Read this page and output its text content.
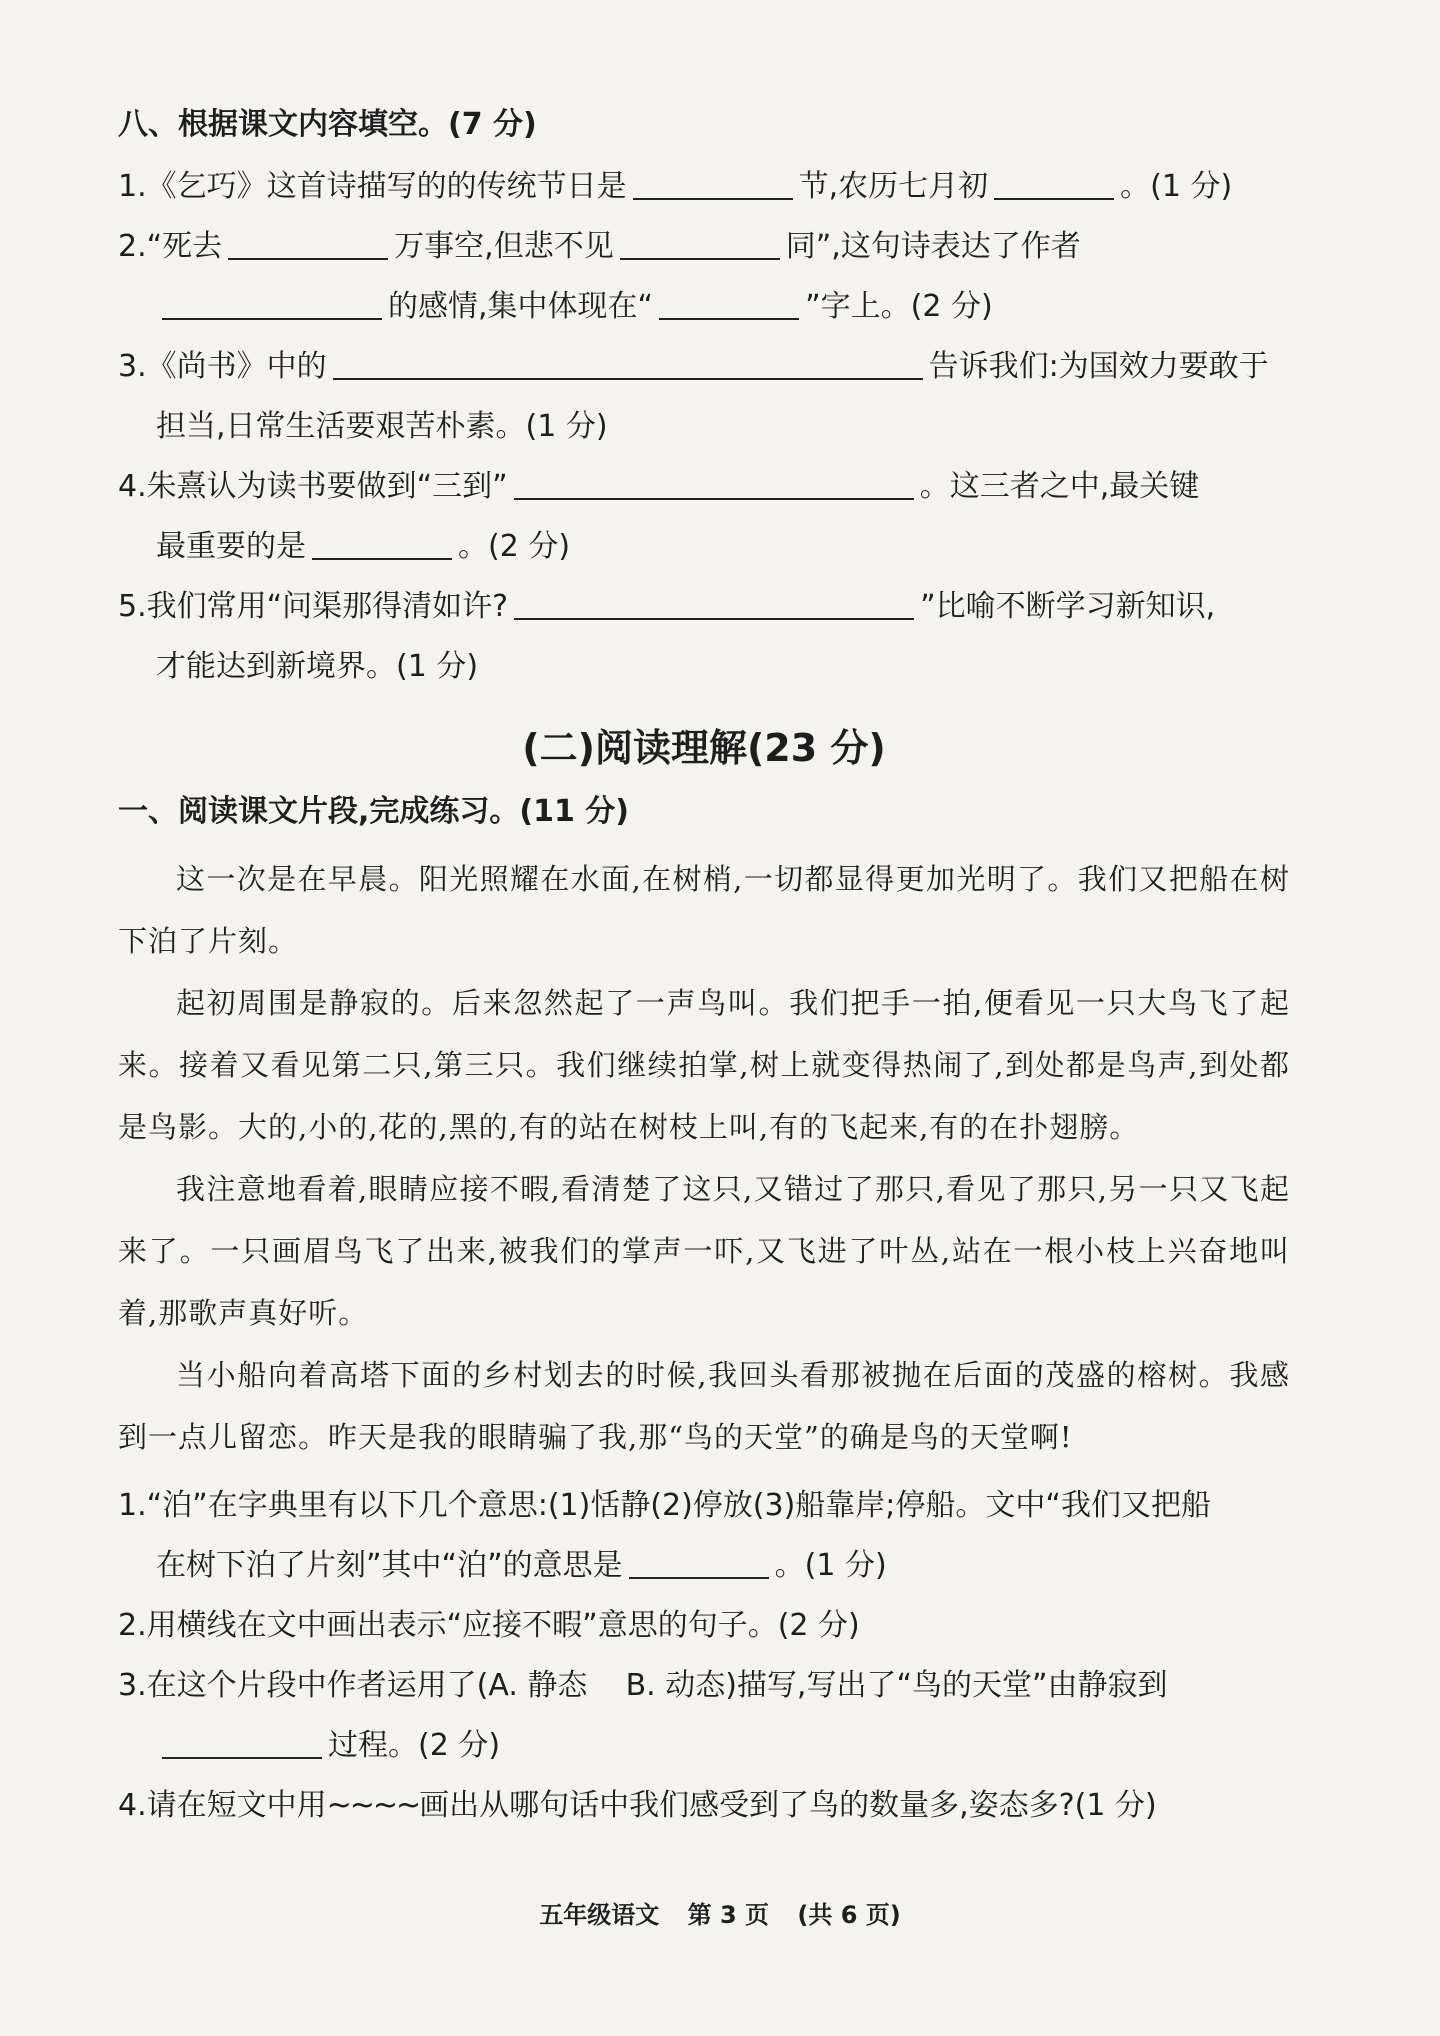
八、根据课文内容填空。(7 分)
1.《乞巧》这首诗描写的的传统节日是	节,农历七月初	。(1 分)
2.“死去	万事空,但悲不见	同”,这句诗表达了作者
的感情,集中体现在“	”字上。(2 分)
3.《尚书》中的	告诉我们:为国效力要敢于
担当,日常生活要艰苦朴素。(1 分)
4.朱熹认为读书要做到“三到”	。这三者之中,最关键
最重要的是	。(2 分)
5.我们常用“问渠那得清如许?	”比喻不断学习新知识,
才能达到新境界。(1 分)
(二)阅读理解(23 分)
一、阅读课文片段,完成练习。(11 分)

这一次是在早晨。阳光照耀在水面,在树梢,一切都显得更加光明了。我们又把船在树下泊了片刻。

起初周围是静寂的。后来忽然起了一声鸟叫。我们把手一拍,便看见一只大鸟飞了起来。接着又看见第二只,第三只。我们继续拍掌,树上就变得热闹了,到处都是鸟声,到处都是鸟影。大的,小的,花的,黑的,有的站在树枝上叫,有的飞起来,有的在扑翅膀。

我注意地看着,眼睛应接不暇,看清楚了这只,又错过了那只,看见了那只,另一只又飞起来了。一只画眉鸟飞了出来,被我们的掌声一吓,又飞进了叶丛,站在一根小枝上兴奋地叫着,那歌声真好听。

当小船向着高塔下面的乡村划去的时候,我回头看那被抛在后面的茂盛的榕树。我感到一点儿留恋。昨天是我的眼睛骗了我,那“鸟的天堂”的确是鸟的天堂啊!

1.“泊”在字典里有以下几个意思:(1)恬静(2)停放(3)船靠岸;停船。文中“我们又把船
在树下泊了片刻”其中“泊”的意思是	。(1 分)
2.用横线在文中画出表示“应接不暇”意思的句子。(2 分)
3.在这个片段中作者运用了(A. 静态 B. 动态)描写,写出了“鸟的天堂”由静寂到
过程。(2 分)
4.请在短文中用~~~~画出从哪句话中我们感受到了鸟的数量多,姿态多?(1 分)
五年级语文 第 3 页 (共 6 页)
